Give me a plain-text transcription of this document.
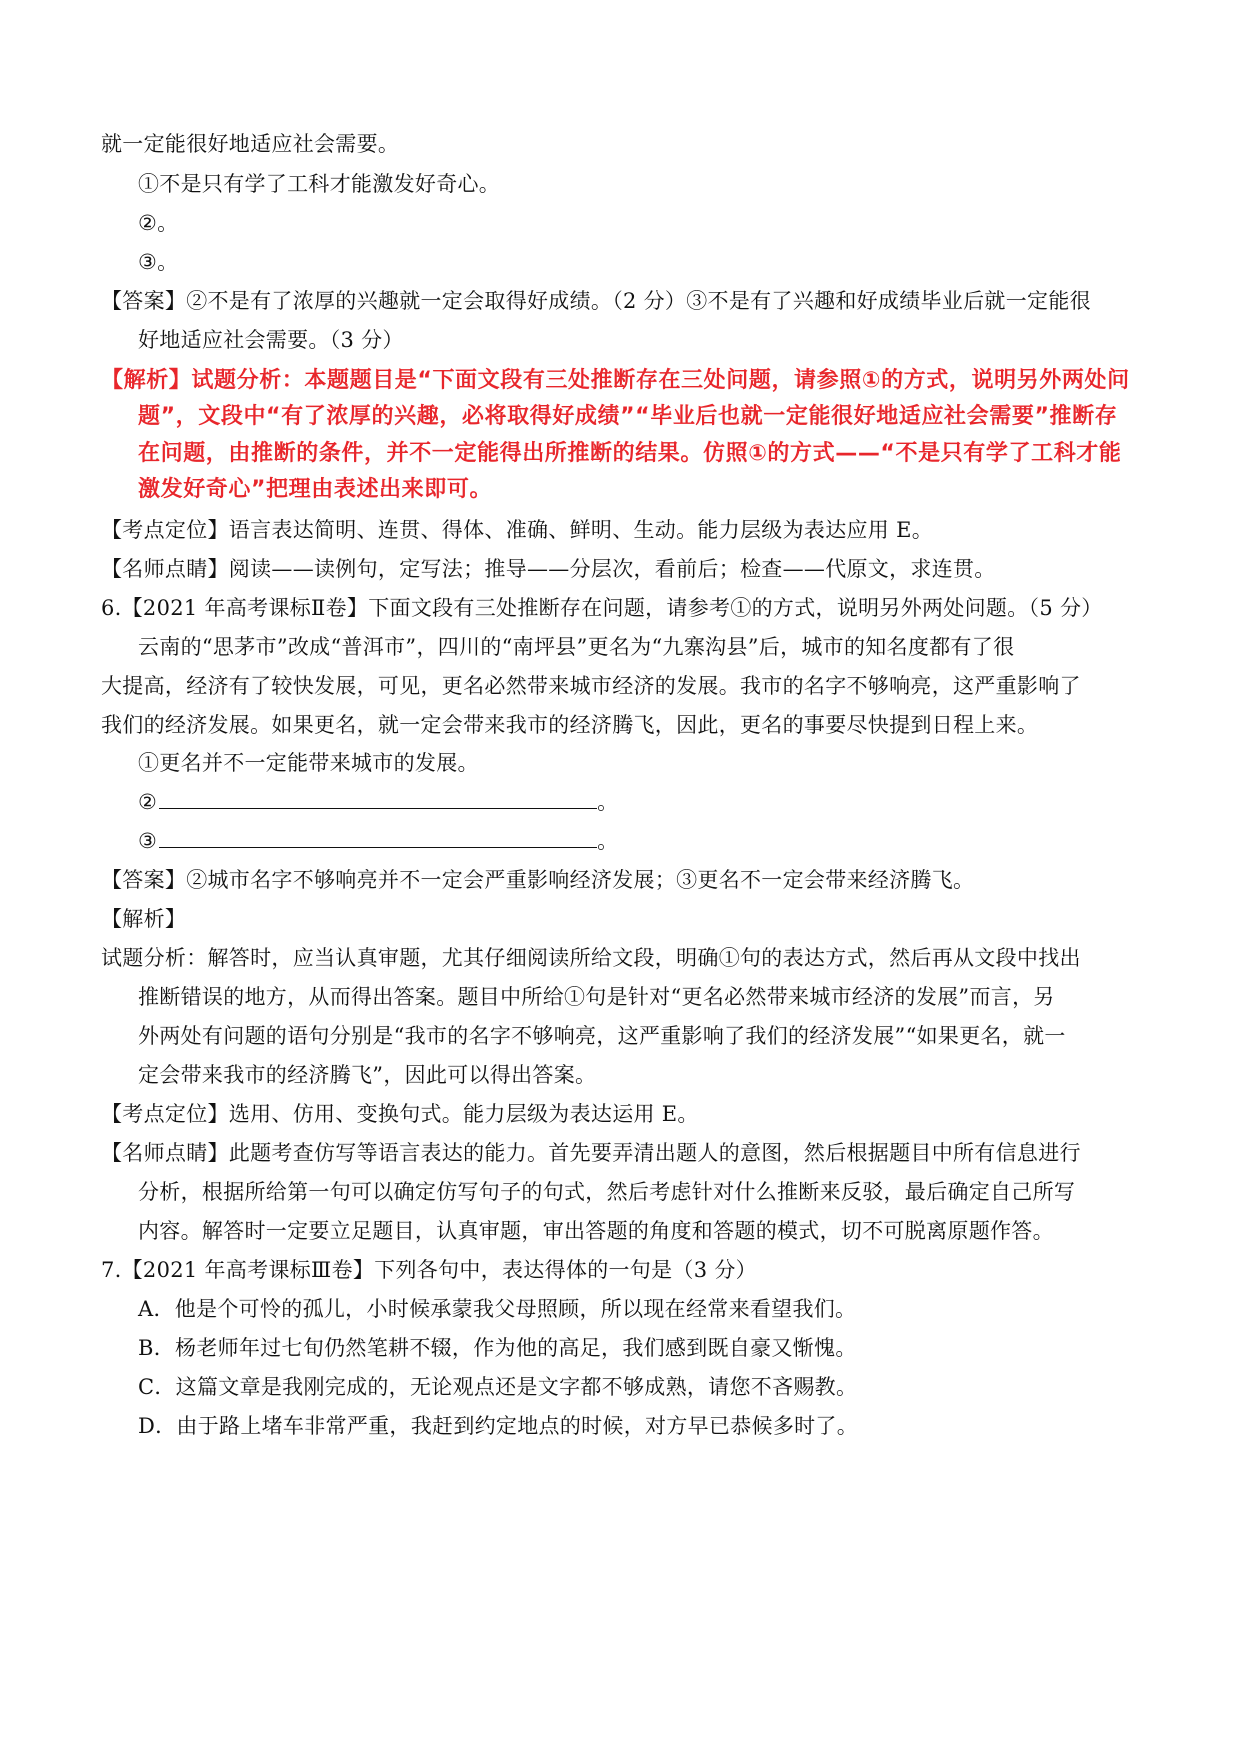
就一定能很好地适应社会需要。
①不是只有学了工科才能激发好奇心。
②。
③。
【答案】②不是有了浓厚的兴趣就一定会取得好成绩。（2 分）③不是有了兴趣和好成绩毕业后就一定能很
好地适应社会需要。（3 分）
【解析】试题分析：本题题目是“下面文段有三处推断存在三处问题，请参照①的方式，说明另外两处问
题”，文段中“有了浓厚的兴趣，必将取得好成绩”“毕业后也就一定能很好地适应社会需要”推断存
在问题，由推断的条件，并不一定能得出所推断的结果。仿照①的方式——“不是只有学了工科才能
激发好奇心”把理由表述出来即可。
【考点定位】语言表达简明、连贯、得体、准确、鲜明、生动。能力层级为表达应用 E。
【名师点睛】阅读——读例句，定写法；推导——分层次，看前后；检查——代原文，求连贯。
6.【2021 年高考课标Ⅱ卷】下面文段有三处推断存在问题，请参考①的方式，说明另外两处问题。（5 分）
云南的“思茅市”改成“普洱市”，四川的“南坪县”更名为“九寨沟县”后，城市的知名度都有了很
大提高，经济有了较快发展，可见，更名必然带来城市经济的发展。我市的名字不够响亮，这严重影响了
我们的经济发展。如果更名，就一定会带来我市的经济腾飞，因此，更名的事要尽快提到日程上来。
①更名并不一定能带来城市的发展。
②	。
③	。
【答案】②城市名字不够响亮并不一定会严重影响经济发展；③更名不一定会带来经济腾飞。
【解析】
试题分析：解答时，应当认真审题，尤其仔细阅读所给文段，明确①句的表达方式，然后再从文段中找出
推断错误的地方，从而得出答案。题目中所给①句是针对“更名必然带来城市经济的发展”而言，另
外两处有问题的语句分别是“我市的名字不够响亮，这严重影响了我们的经济发展”“如果更名，就一
定会带来我市的经济腾飞”，因此可以得出答案。
【考点定位】选用、仿用、变换句式。能力层级为表达运用 E。
【名师点睛】此题考查仿写等语言表达的能力。首先要弄清出题人的意图，然后根据题目中所有信息进行
分析，根据所给第一句可以确定仿写句子的句式，然后考虑针对什么推断来反驳，最后确定自己所写
内容。解答时一定要立足题目，认真审题，审出答题的角度和答题的模式，切不可脱离原题作答。
7.【2021 年高考课标Ⅲ卷】下列各句中，表达得体的一句是（3 分）
A．他是个可怜的孤儿，小时候承蒙我父母照顾，所以现在经常来看望我们。
B．杨老师年过七旬仍然笔耕不辍，作为他的高足，我们感到既自豪又惭愧。
C．这篇文章是我刚完成的，无论观点还是文字都不够成熟，请您不吝赐教。
D．由于路上堵车非常严重，我赶到约定地点的时候，对方早已恭候多时了。
